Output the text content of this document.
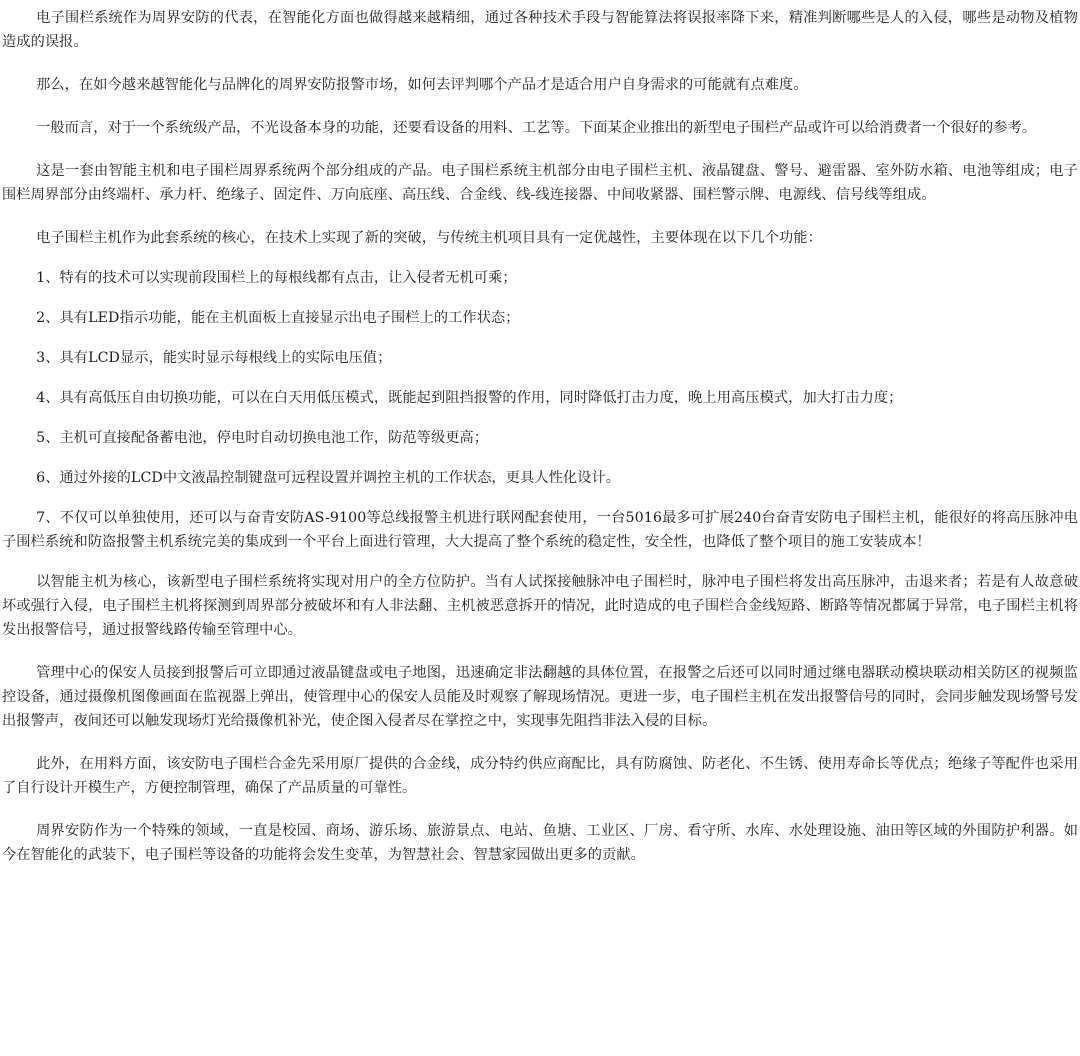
电子围栏系统作为周界安防的代表，在智能化方面也做得越来越精细，通过各种技术手段与智能算法将误报率降下来，精准判断哪些是人的入侵，哪些是动物及植物造成的误报。

那么，在如今越来越智能化与品牌化的周界安防报警市场，如何去评判哪个产品才是适合用户自身需求的可能就有点难度。

一般而言，对于一个系统级产品，不光设备本身的功能，还要看设备的用料、工艺等。下面某企业推出的新型电子围栏产品或许可以给消费者一个很好的参考。

这是一套由智能主机和电子围栏周界系统两个部分组成的产品。电子围栏系统主机部分由电子围栏主机、液晶键盘、警号、避雷器、室外防水箱、电池等组成；电子围栏周界部分由终端杆、承力杆、绝缘子、固定件、万向底座、高压线、合金线、线-线连接器、中间收紧器、围栏警示牌、电源线、信号线等组成。

电子围栏主机作为此套系统的核心，在技术上实现了新的突破，与传统主机项目具有一定优越性，主要体现在以下几个功能：

1、特有的技术可以实现前段围栏上的每根线都有点击，让入侵者无机可乘；

2、具有LED指示功能，能在主机面板上直接显示出电子围栏上的工作状态；

3、具有LCD显示，能实时显示每根线上的实际电压值；

4、具有高低压自由切换功能，可以在白天用低压模式，既能起到阻挡报警的作用，同时降低打击力度，晚上用高压模式，加大打击力度；

5、主机可直接配备蓄电池，停电时自动切换电池工作，防范等级更高；

6、通过外接的LCD中文液晶控制键盘可远程设置并调控主机的工作状态，更具人性化设计。

7、不仅可以单独使用，还可以与奋青安防AS-9100等总线报警主机进行联网配套使用，一台5016最多可扩展240台奋青安防电子围栏主机，能很好的将高压脉冲电子围栏系统和防盗报警主机系统完美的集成到一个平台上面进行管理，大大提高了整个系统的稳定性，安全性，也降低了整个项目的施工安装成本！

以智能主机为核心，该新型电子围栏系统将实现对用户的全方位防护。当有人试探接触脉冲电子围栏时，脉冲电子围栏将发出高压脉冲，击退来者；若是有人故意破坏或强行入侵，电子围栏主机将探测到周界部分被破坏和有人非法翻、主机被恶意拆开的情况，此时造成的电子围栏合金线短路、断路等情况都属于异常，电子围栏主机将发出报警信号，通过报警线路传输至管理中心。

管理中心的保安人员接到报警后可立即通过液晶键盘或电子地图，迅速确定非法翻越的具体位置，在报警之后还可以同时通过继电器联动模块联动相关防区的视频监控设备，通过摄像机图像画面在监视器上弹出，使管理中心的保安人员能及时观察了解现场情况。更进一步，电子围栏主机在发出报警信号的同时，会同步触发现场警号发出报警声，夜间还可以触发现场灯光给摄像机补光，使企图入侵者尽在掌控之中，实现事先阻挡非法入侵的目标。

此外，在用料方面，该安防电子围栏合金先采用原厂提供的合金线，成分特约供应商配比，具有防腐蚀、防老化、不生锈、使用寿命长等优点；绝缘子等配件也采用了自行设计开模生产，方便控制管理，确保了产品质量的可靠性。

周界安防作为一个特殊的领域，一直是校园、商场、游乐场、旅游景点、电站、鱼塘、工业区、厂房、看守所、水库、水处理设施、油田等区域的外围防护利器。如今在智能化的武装下，电子围栏等设备的功能将会发生变革，为智慧社会、智慧家园做出更多的贡献。
